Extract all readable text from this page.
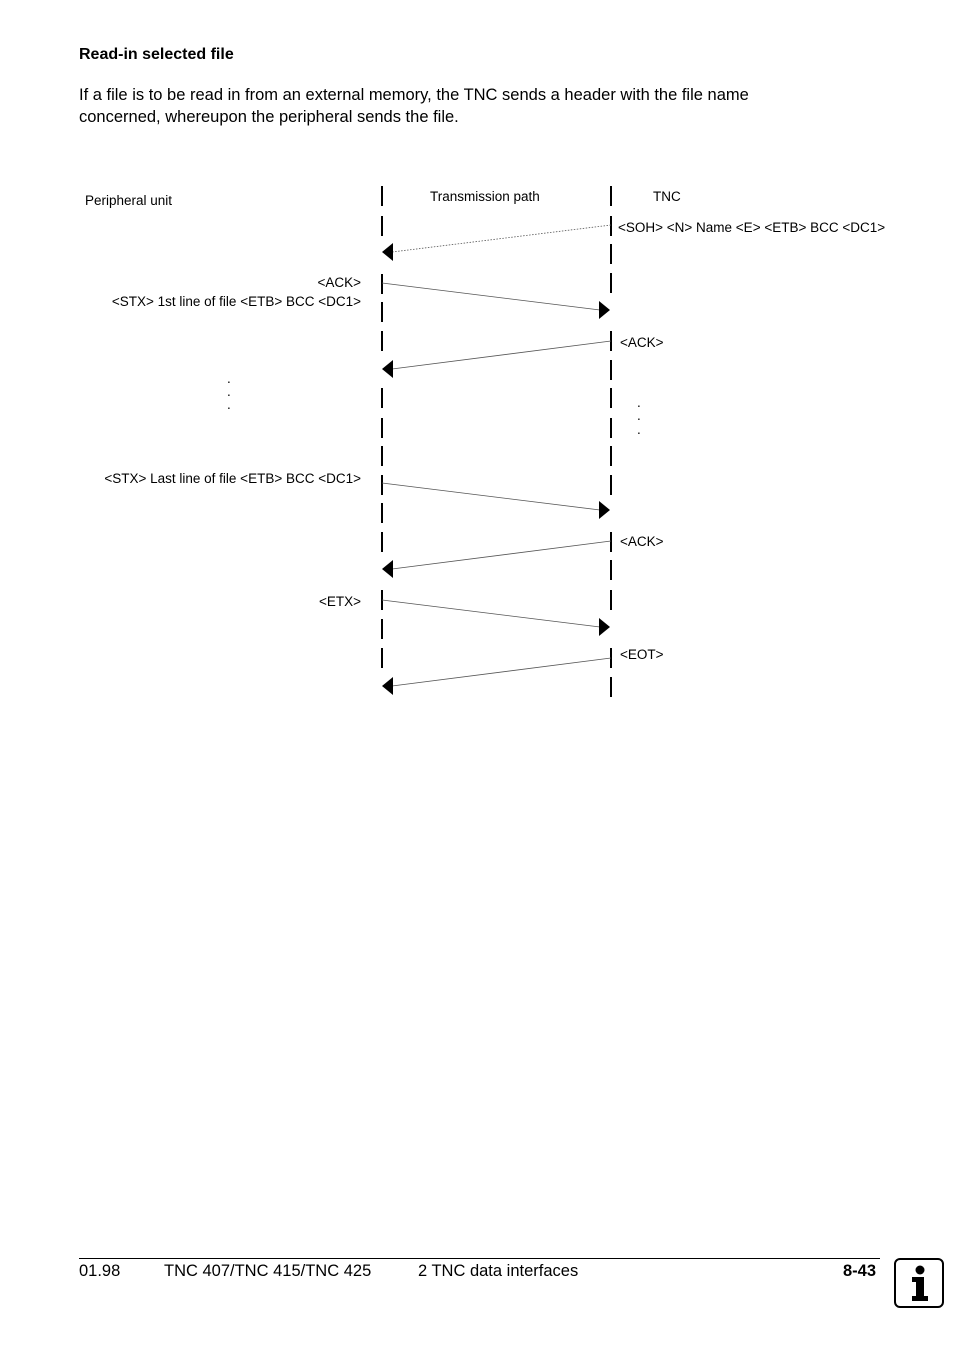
Read-in selected file
If a file is to be read in from an external memory, the TNC sends a header with the file name
concerned, whereupon the peripheral sends the file.
Peripheral unit	Transmission path	TNC
<SOH> <N> Name <E> <ETB> BCC <DC1>
<ACK>
<STX> 1st line of file <ETB> BCC <DC1>
<ACK>
<STX> Last line of file <ETB> BCC <DC1>
<ACK>
<ETX>
<EOT>
.
.
.	.
.
.
01.98	TNC 407/TNC 415/TNC 425	2 TNC data interfaces	8-43
